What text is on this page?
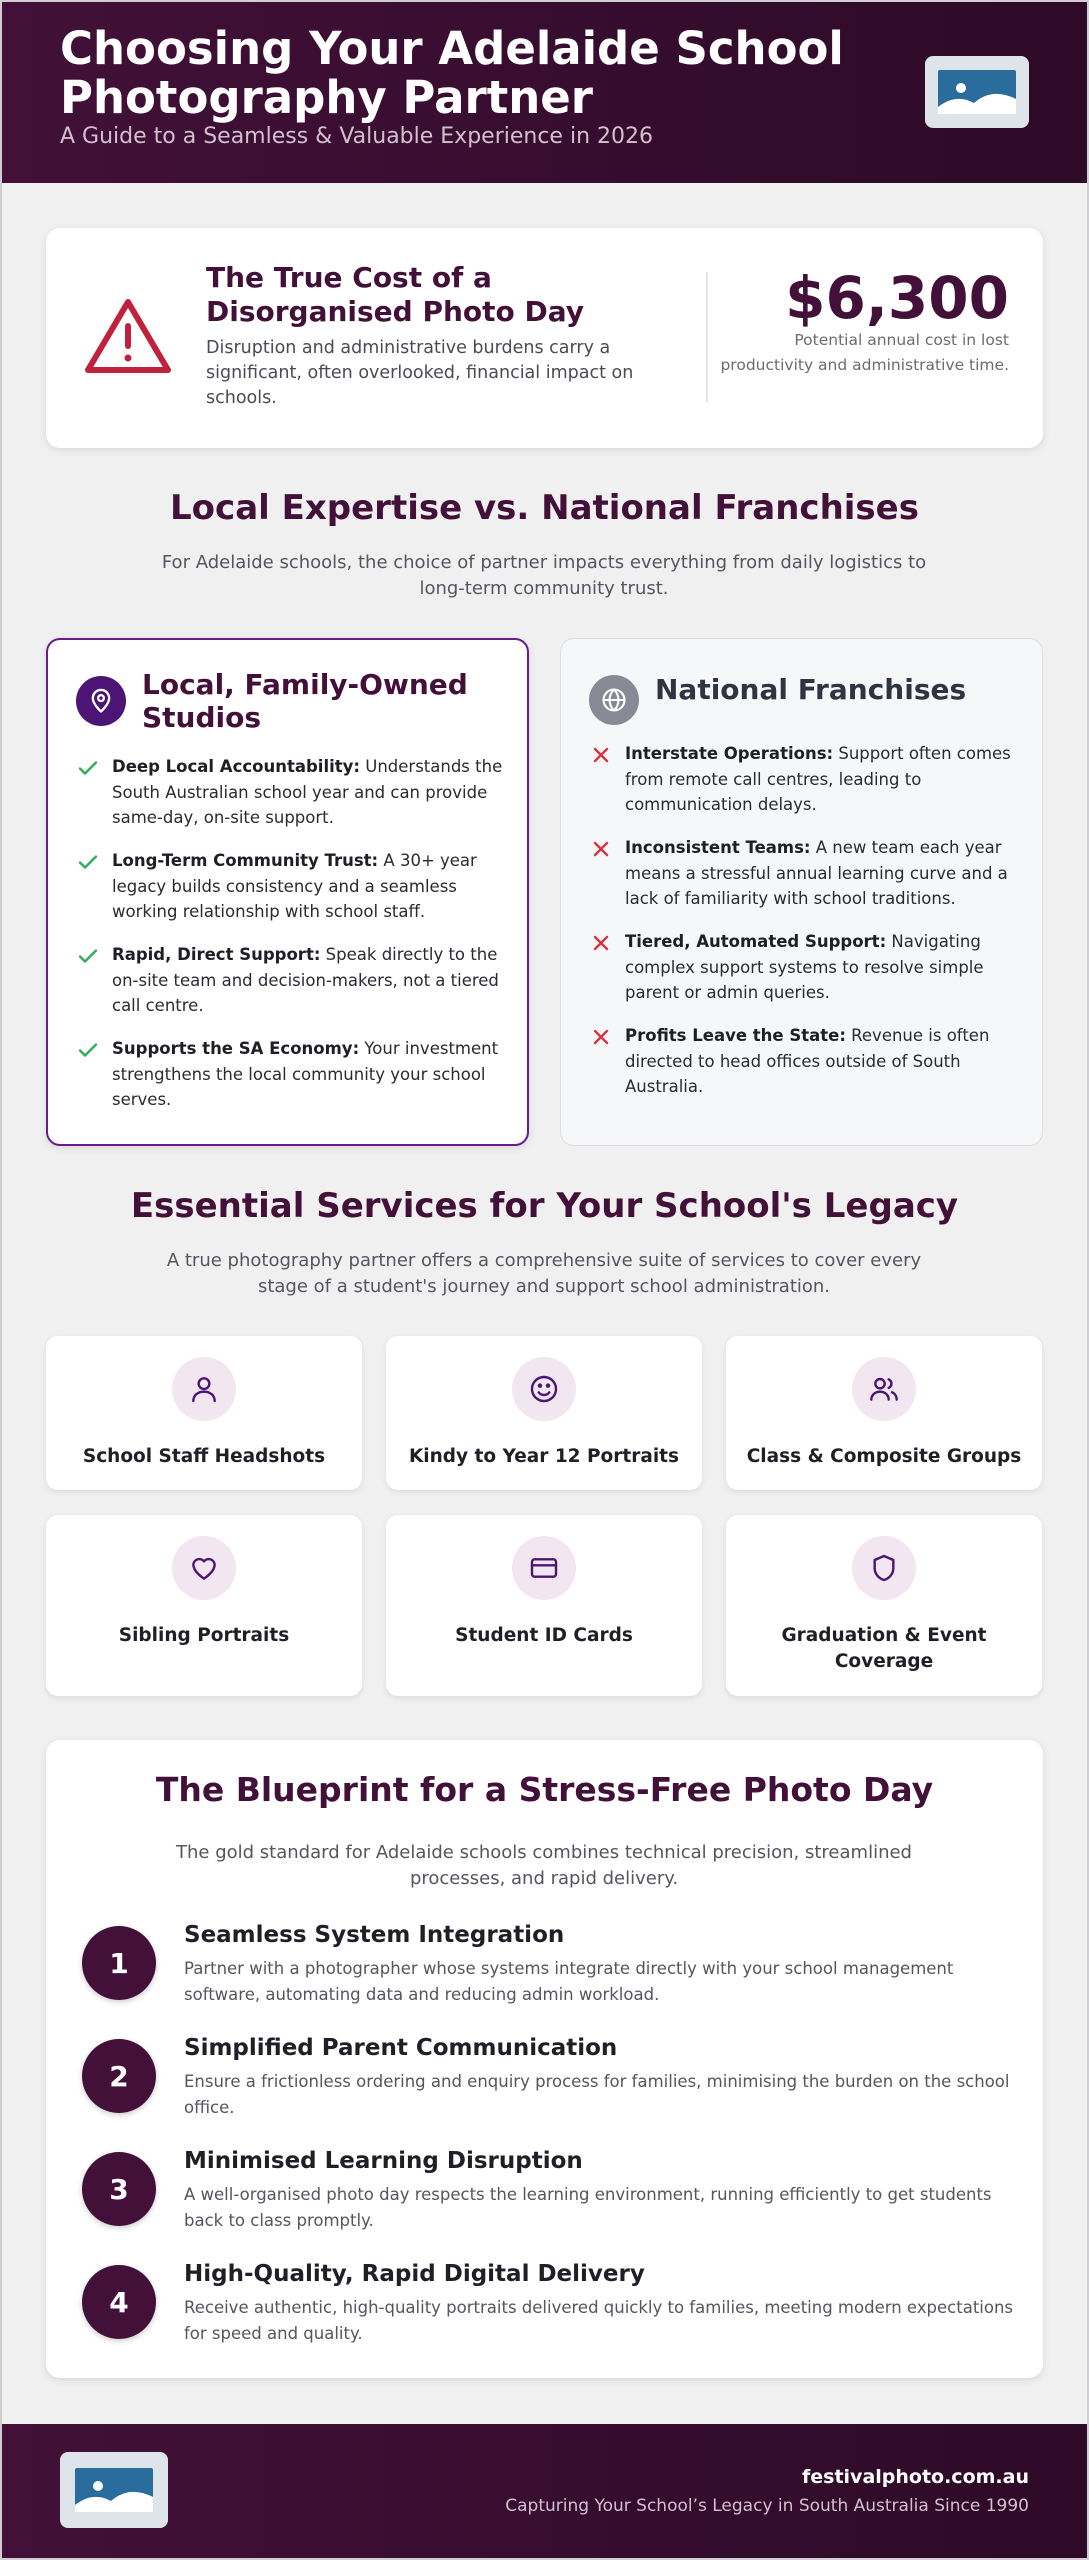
Choosing Your Adelaide School Photography Partner
A Guide to a Seamless & Valuable Experience in 2026
The True Cost of a Disorganised Photo Day
Disruption and administrative burdens carry a significant, often overlooked, financial impact on schools.
$6,300
Potential annual cost in lost productivity and administrative time.
Local Expertise vs. National Franchises
For Adelaide schools, the choice of partner impacts everything from daily logistics to long-term community trust.
Local, Family-Owned Studios
Deep Local Accountability: Understands the South Australian school year and can provide same-day, on-site support.
Long-Term Community Trust: A 30+ year legacy builds consistency and a seamless working relationship with school staff.
Rapid, Direct Support: Speak directly to the on-site team and decision-makers, not a tiered call centre.
Supports the SA Economy: Your investment strengthens the local community your school serves.
National Franchises
Interstate Operations: Support often comes from remote call centres, leading to communication delays.
Inconsistent Teams: A new team each year means a stressful annual learning curve and a lack of familiarity with school traditions.
Tiered, Automated Support: Navigating complex support systems to resolve simple parent or admin queries.
Profits Leave the State: Revenue is often directed to head offices outside of South Australia.
Essential Services for Your School's Legacy
A true photography partner offers a comprehensive suite of services to cover every stage of a student's journey and support school administration.
School Staff Headshots	Kindy to Year 12 Portraits	Class & Composite Groups
Sibling Portraits	Student ID Cards	Graduation & Event Coverage
The Blueprint for a Stress-Free Photo Day
The gold standard for Adelaide schools combines technical precision, streamlined processes, and rapid delivery.
1
Seamless System Integration
Partner with a photographer whose systems integrate directly with your school management software, automating data and reducing admin workload.
2
Simplified Parent Communication
Ensure a frictionless ordering and enquiry process for families, minimising the burden on the school office.
3
Minimised Learning Disruption
A well-organised photo day respects the learning environment, running efficiently to get students back to class promptly.
4
High-Quality, Rapid Digital Delivery
Receive authentic, high-quality portraits delivered quickly to families, meeting modern expectations for speed and quality.
festivalphoto.com.au
Capturing Your School’s Legacy in South Australia Since 1990
